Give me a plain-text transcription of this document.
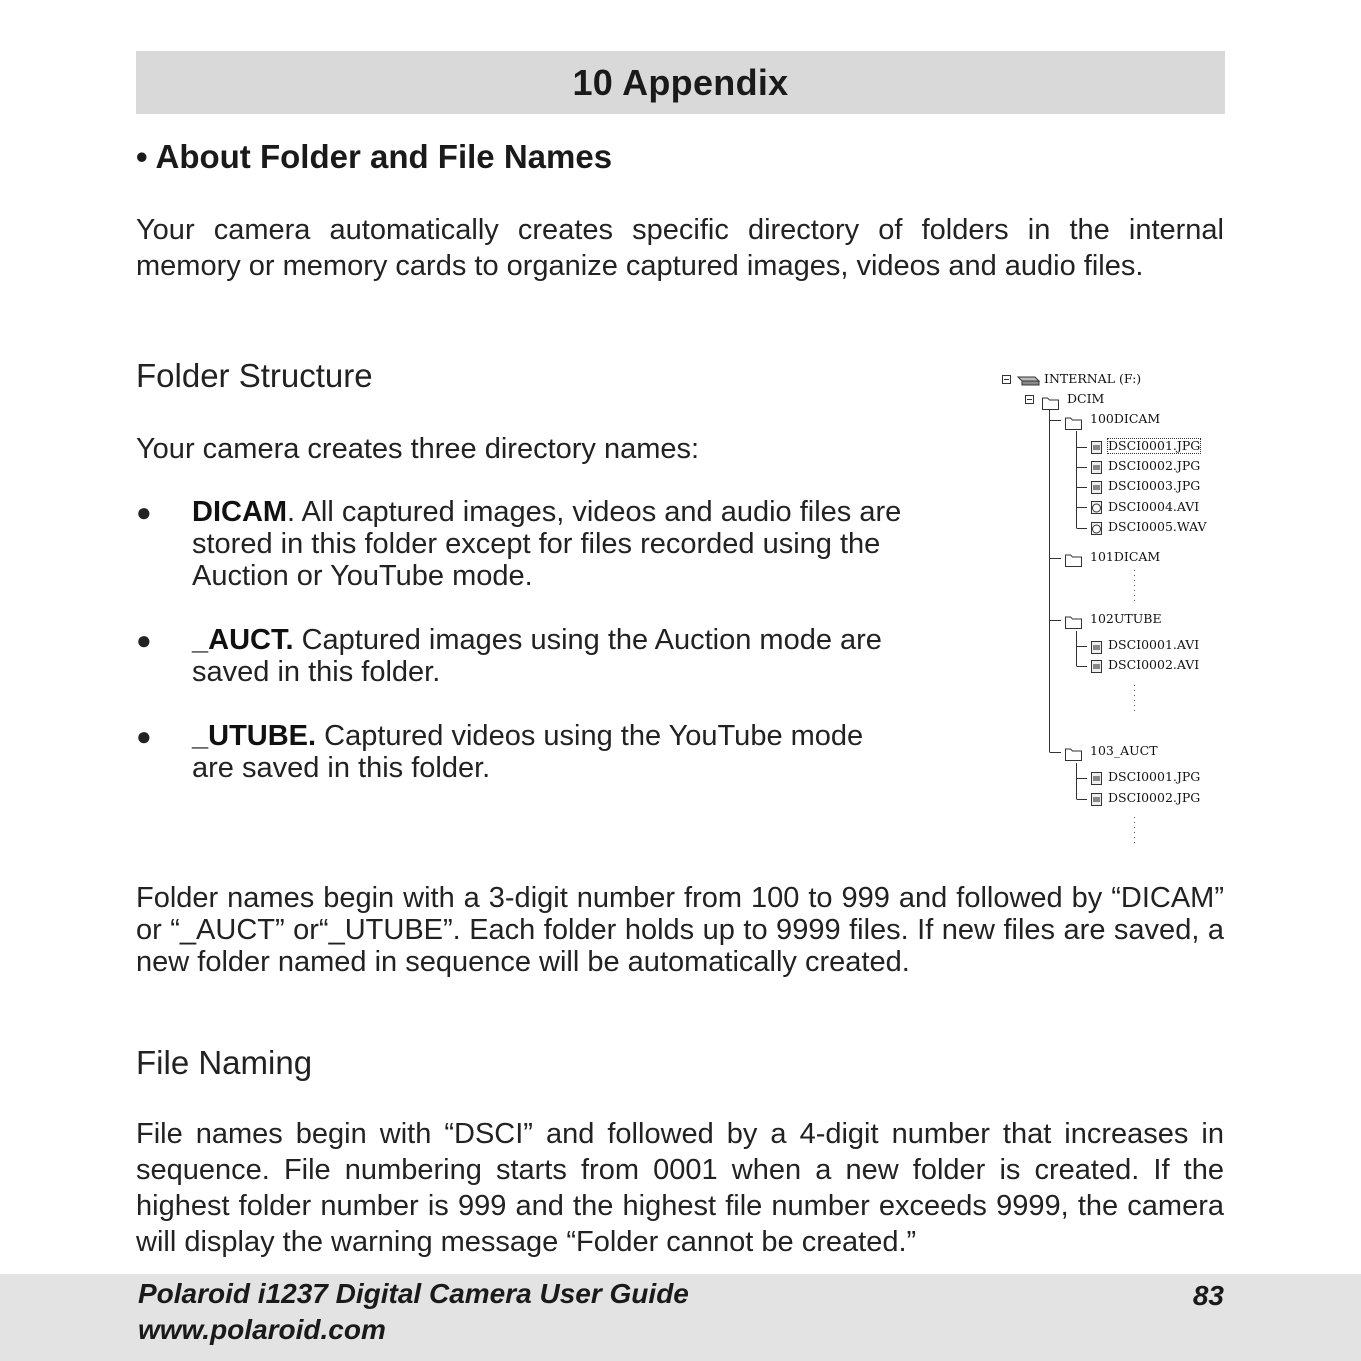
10 Appendix
• About Folder and File Names

Your camera automatically creates specific directory of folders in the internal memory or memory cards to organize captured images, videos and audio files.

Folder Structure

Your camera creates three directory names:

● DICAM. All captured images, videos and audio files are stored in this folder except for files recorded using the Auction or YouTube mode.
● _AUCT. Captured images using the Auction mode are saved in this folder.
● _UTUBE. Captured videos using the YouTube mode are saved in this folder.
INTERNAL (F:)
DCIM
100DICAM
DSCI0001.JPG
DSCI0002.JPG
DSCI0003.JPG
DSCI0004.AVI
DSCI0005.WAV
101DICAM
102UTUBE
DSCI0001.AVI
DSCI0002.AVI
103_AUCT
DSCI0001.JPG
DSCI0002.JPG

Folder names begin with a 3-digit number from 100 to 999 and followed by “DICAM” or “_AUCT” or“_UTUBE”. Each folder holds up to 9999 files. If new files are saved, a new folder named in sequence will be automatically created.

File Naming

File names begin with “DSCI” and followed by a 4-digit number that increases in sequence. File numbering starts from 0001 when a new folder is created. If the highest folder number is 999 and the highest file number exceeds 9999, the camera will display the warning message “Folder cannot be created.”

Polaroid i1237 Digital Camera User Guide
www.polaroid.com
83
